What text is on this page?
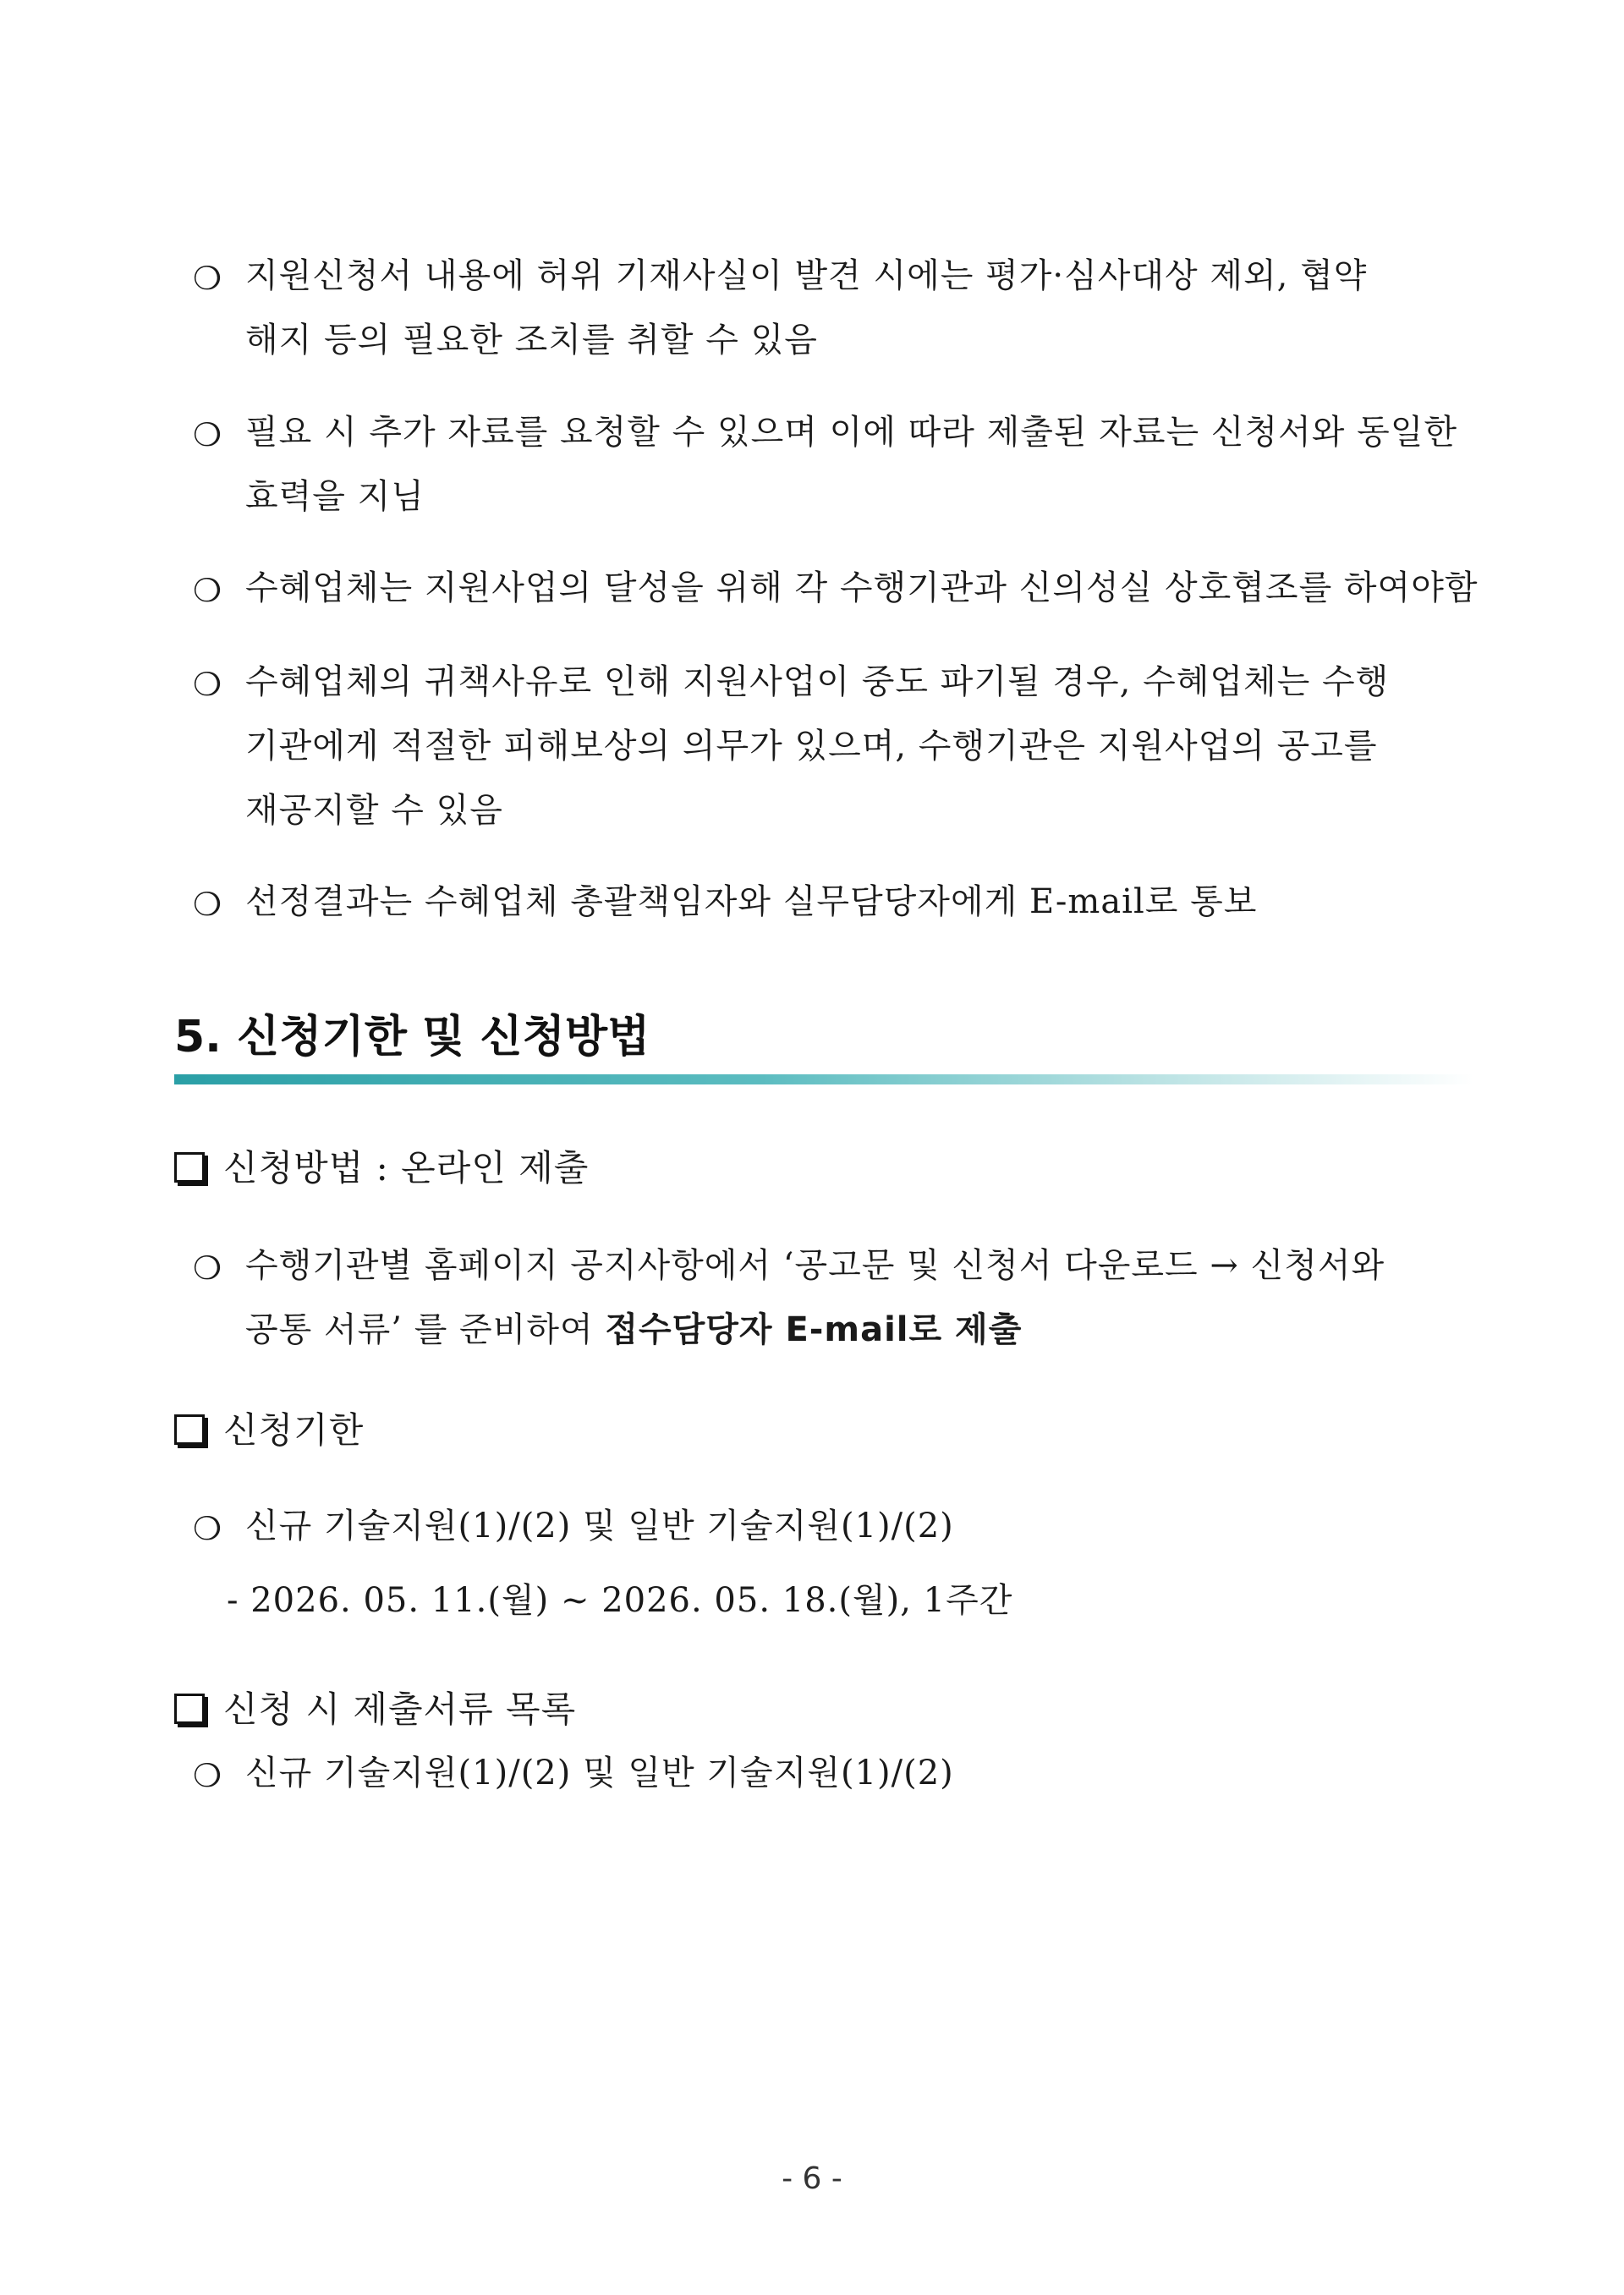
❍ 지원신청서 내용에 허위 기재사실이 발견 시에는 평가·심사대상 제외, 협약
해지 등의 필요한 조치를 취할 수 있음
❍ 필요 시 추가 자료를 요청할 수 있으며 이에 따라 제출된 자료는 신청서와 동일한
효력을 지님
❍ 수혜업체는 지원사업의 달성을 위해 각 수행기관과 신의성실 상호협조를 하여야함
❍ 수혜업체의 귀책사유로 인해 지원사업이 중도 파기될 경우, 수혜업체는 수행
기관에게 적절한 피해보상의 의무가 있으며, 수행기관은 지원사업의 공고를
재공지할 수 있음
❍ 선정결과는 수혜업체 총괄책임자와 실무담당자에게 E-mail로 통보
5. 신청기한 및 신청방법
신청방법 : 온라인 제출
❍ 수행기관별 홈페이지 공지사항에서 ‘공고문 및 신청서 다운로드 → 신청서와
공통 서류’ 를 준비하여 접수담당자 E-mail로 제출
신청기한
❍ 신규 기술지원(1)/(2) 및 일반 기술지원(1)/(2)
- 2026. 05. 11.(월) ~ 2026. 05. 18.(월), 1주간
신청 시 제출서류 목록
❍ 신규 기술지원(1)/(2) 및 일반 기술지원(1)/(2)
- 6 -
